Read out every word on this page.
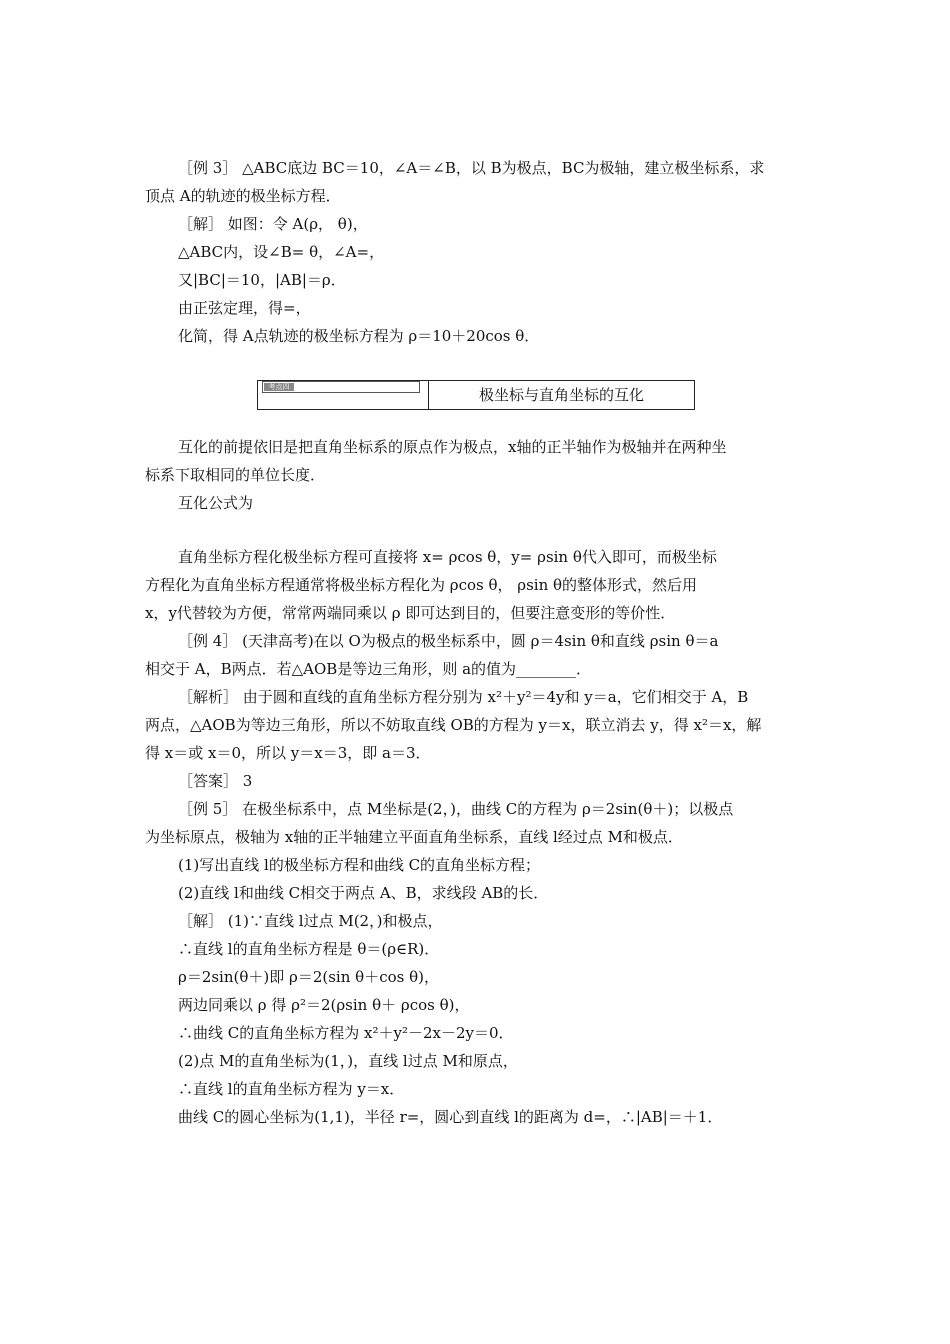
［例 3］ △ABC底边 BC＝10，∠A＝∠B，以 B为极点，BC为极轴，建立极坐标系，求
顶点 A的轨迹的极坐标方程．
［解］ 如图：令 A(ρ， θ)，
△ABC内，设∠B= θ，∠A=，
又|BC|＝10，|AB|＝ρ．
由正弦定理，得=，
化简，得 A点轨迹的极坐标方程为 ρ＝10＋20cos θ．
互化的前提依旧是把直角坐标系的原点作为极点，x轴的正半轴作为极轴并在两种坐
标系下取相同的单位长度．
互化公式为
直角坐标方程化极坐标方程可直接将 x= ρcos θ，y= ρsin θ代入即可，而极坐标
方程化为直角坐标方程通常将极坐标方程化为 ρcos θ， ρsin θ的整体形式，然后用
x，y代替较为方便，常常两端同乘以 ρ 即可达到目的，但要注意变形的等价性．
［例 4］ (天津高考)在以 O为极点的极坐标系中，圆 ρ＝4sin θ和直线 ρsin θ＝a
相交于 A，B两点．若△AOB是等边三角形，则 a的值为________．
［解析］ 由于圆和直线的直角坐标方程分别为 x²＋y²＝4y和 y＝a，它们相交于 A，B
两点，△AOB为等边三角形，所以不妨取直线 OB的方程为 y＝x，联立消去 y，得 x²＝x，解
得 x＝或 x＝0，所以 y＝x＝3，即 a＝3．
［答案］ 3
［例 5］ 在极坐标系中，点 M坐标是(2，)，曲线 C的方程为 ρ＝2sin(θ＋)；以极点
为坐标原点，极轴为 x轴的正半轴建立平面直角坐标系，直线 l经过点 M和极点．
(1)写出直线 l的极坐标方程和曲线 C的直角坐标方程；
(2)直线 l和曲线 C相交于两点 A、B，求线段 AB的长．
［解］ (1)∵直线 l过点 M(2，)和极点，
∴直线 l的直角坐标方程是 θ＝(ρ∈R)．
ρ＝2sin(θ＋)即 ρ＝2(sin θ＋cos θ)，
两边同乘以 ρ 得 ρ²＝2(ρsin θ＋ ρcos θ)，
∴曲线 C的直角坐标方程为 x²＋y²－2x－2y＝0．
(2)点 M的直角坐标为(1，)，直线 l过点 M和原点，
∴直线 l的直角坐标方程为 y＝x．
曲线 C的圆心坐标为(1,1)，半径 r=，圆心到直线 l的距离为 d=，∴|AB|＝＋1．
考点四	极坐标与直角坐标的互化
